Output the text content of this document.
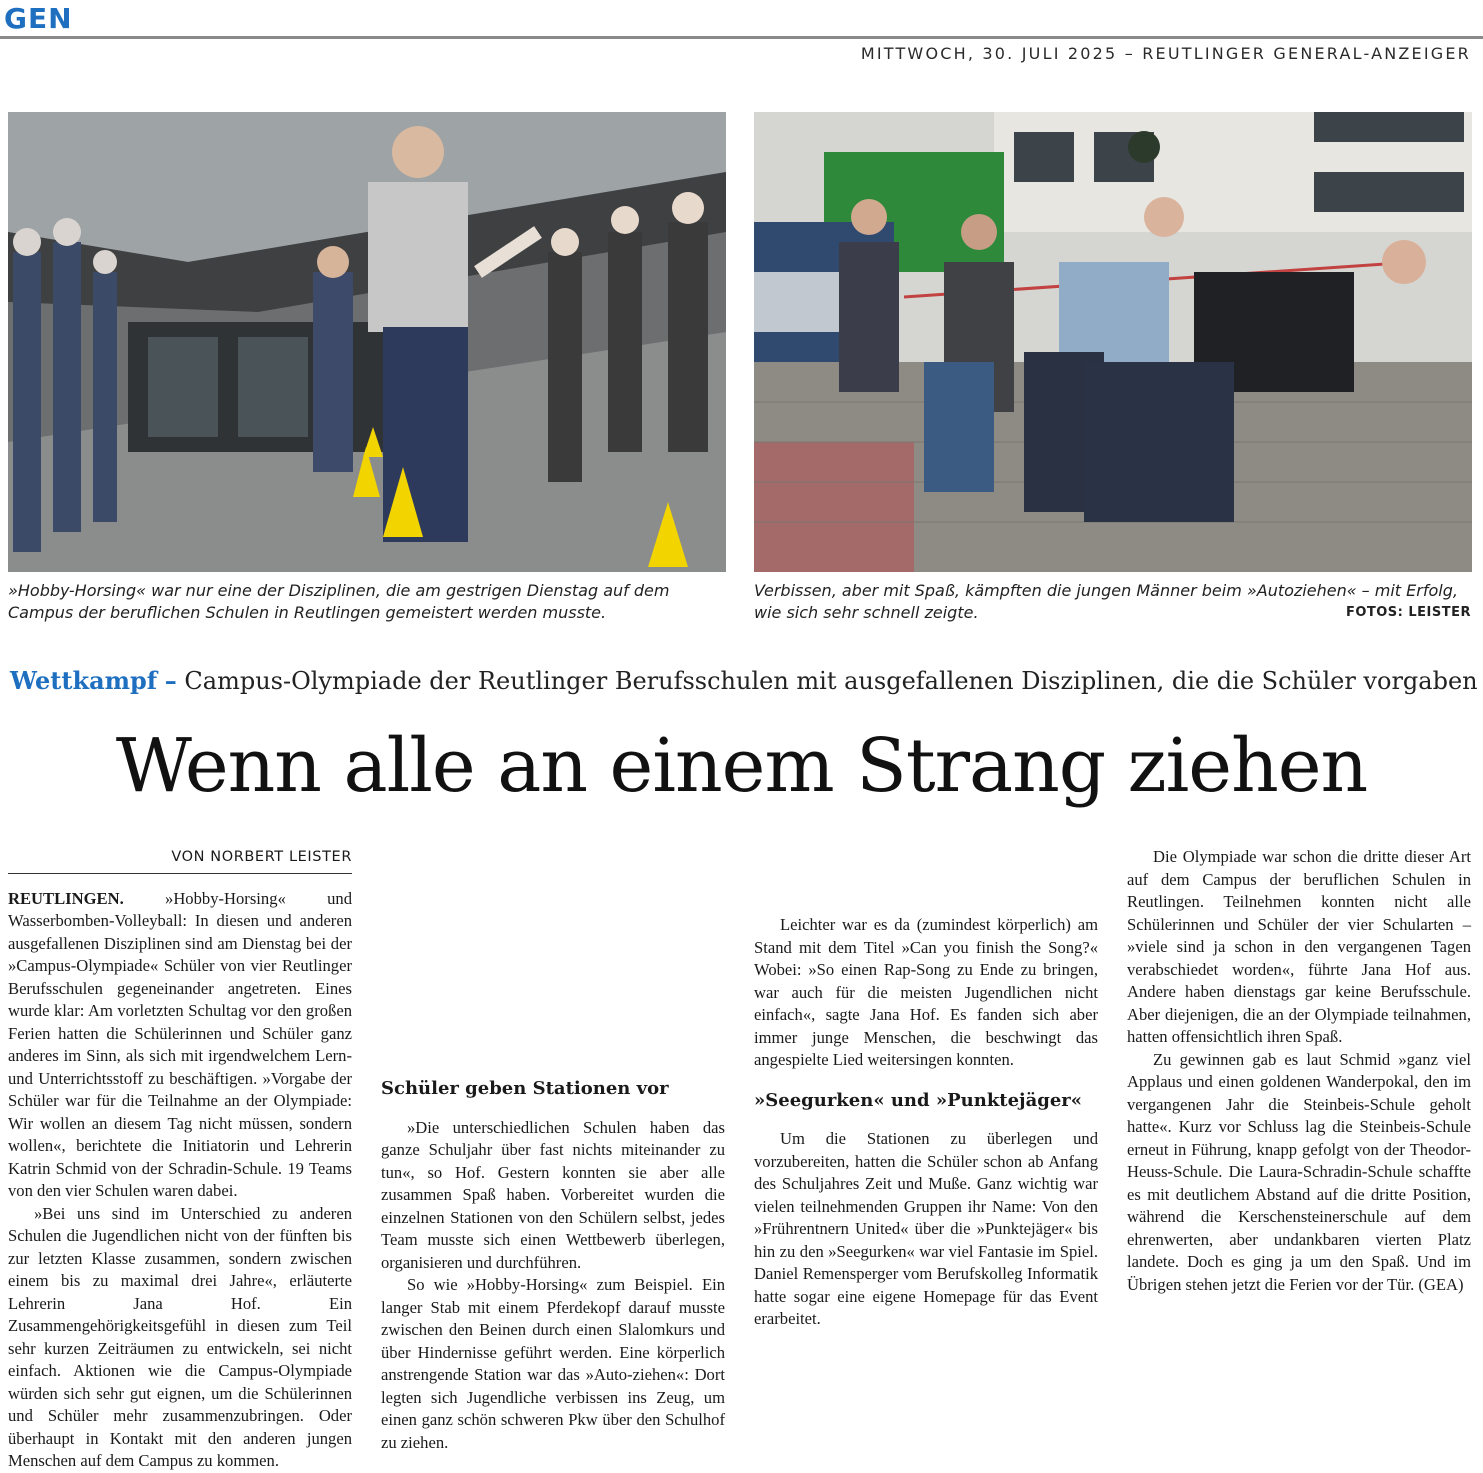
GEN
MITTWOCH, 30. JULI 2025 – REUTLINGER GENERAL-ANZEIGER
»Hobby-Horsing« war nur eine der Disziplinen, die am gestrigen Dienstag auf dem Campus der beruflichen Schulen in Reutlingen gemeistert werden musste.
Verbissen, aber mit Spaß, kämpften die jungen Männer beim »Autoziehen« – mit Erfolg, wie sich sehr schnell zeigte.	FOTOS: LEISTER
Wettkampf – Campus-Olympiade der Reutlinger Berufsschulen mit ausgefallenen Disziplinen, die die Schüler vorgaben
Wenn alle an einem Strang ziehen
VON NORBERT LEISTER

REUTLINGEN. »Hobby-Horsing« und Wasserbomben-Volleyball: In diesen und anderen ausgefallenen Disziplinen sind am Dienstag bei der »Campus-Olympiade« Schüler von vier Reutlinger Berufsschulen gegeneinander angetreten. Eines wurde klar: Am vorletzten Schultag vor den großen Ferien hatten die Schülerinnen und Schüler ganz anderes im Sinn, als sich mit irgendwelchem Lern- und Unterrichtsstoff zu beschäftigen. »Vorgabe der Schüler war für die Teilnahme an der Olympiade: Wir wollen an diesem Tag nicht müssen, sondern wollen«, berichtete die Initiatorin und Lehrerin Katrin Schmid von der Schradin-Schule. 19 Teams von den vier Schulen waren dabei.

»Bei uns sind im Unterschied zu anderen Schulen die Jugendlichen nicht von der fünften bis zur letzten Klasse zusammen, sondern zwischen einem bis zu maximal drei Jahre«, erläuterte Lehrerin Jana Hof. Ein Zusammengehörigkeitsgefühl in diesen zum Teil sehr kurzen Zeiträumen zu entwickeln, sei nicht einfach. Aktionen wie die Campus-Olympiade würden sich sehr gut eignen, um die Schülerinnen und Schüler mehr zusammenzubringen. Oder überhaupt in Kontakt mit den anderen jungen Menschen auf dem Campus zu kommen.

Schüler geben Stationen vor

»Die unterschiedlichen Schulen haben das ganze Schuljahr über fast nichts miteinander zu tun«, so Hof. Gestern konnten sie aber alle zusammen Spaß haben. Vorbereitet wurden die einzelnen Stationen von den Schülern selbst, jedes Team musste sich einen Wettbewerb überlegen, organisieren und durchführen.

So wie »Hobby-Horsing« zum Beispiel. Ein langer Stab mit einem Pferdekopf darauf musste zwischen den Beinen durch einen Slalomkurs und über Hindernisse geführt werden. Eine körperlich anstrengende Station war das »Auto-ziehen«: Dort legten sich Jugendliche verbissen ins Zeug, um einen ganz schön schweren Pkw über den Schulhof zu ziehen.

Leichter war es da (zumindest körperlich) am Stand mit dem Titel »Can you finish the Song?« Wobei: »So einen Rap-Song zu Ende zu bringen, war auch für die meisten Jugendlichen nicht einfach«, sagte Jana Hof. Es fanden sich aber immer junge Menschen, die beschwingt das angespielte Lied weitersingen konnten.

»Seegurken« und »Punktejäger«

Um die Stationen zu überlegen und vorzubereiten, hatten die Schüler schon ab Anfang des Schuljahres Zeit und Muße. Ganz wichtig war vielen teilnehmenden Gruppen ihr Name: Von den »Frührentnern United« über die »Punktejäger« bis hin zu den »Seegurken« war viel Fantasie im Spiel. Daniel Remensperger vom Berufskolleg Informatik hatte sogar eine eigene Homepage für das Event erarbeitet.

Die Olympiade war schon die dritte dieser Art auf dem Campus der beruflichen Schulen in Reutlingen. Teilnehmen konnten nicht alle Schülerinnen und Schüler der vier Schularten – »viele sind ja schon in den vergangenen Tagen verabschiedet worden«, führte Jana Hof aus. Andere haben dienstags gar keine Berufsschule. Aber diejenigen, die an der Olympiade teilnahmen, hatten offensichtlich ihren Spaß.

Zu gewinnen gab es laut Schmid »ganz viel Applaus und einen goldenen Wanderpokal, den im vergangenen Jahr die Steinbeis-Schule geholt hatte«. Kurz vor Schluss lag die Steinbeis-Schule erneut in Führung, knapp gefolgt von der Theodor-Heuss-Schule. Die Laura-Schradin-Schule schaffte es mit deutlichem Abstand auf die dritte Position, während die Kerschensteinerschule auf dem ehrenwerten, aber undankbaren vierten Platz landete. Doch es ging ja um den Spaß. Und im Übrigen stehen jetzt die Ferien vor der Tür. (GEA)
